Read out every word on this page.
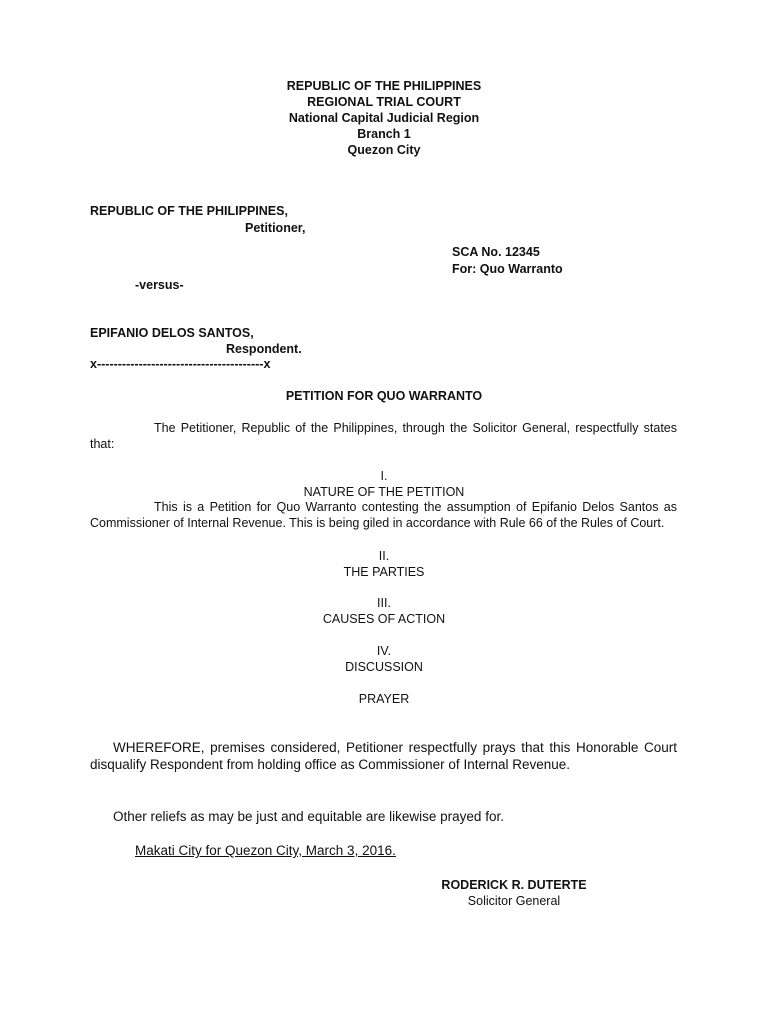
REPUBLIC OF THE PHILIPPINES
REGIONAL TRIAL COURT
National Capital Judicial Region
Branch 1
Quezon City
REPUBLIC OF THE PHILIPPINES,
Petitioner,
SCA No. 12345
For: Quo Warranto
-versus-
EPIFANIO DELOS SANTOS,
Respondent.
x----------------------------------------x
PETITION FOR QUO WARRANTO
The Petitioner, Republic of the Philippines, through the Solicitor General, respectfully states that:
I.
NATURE OF THE PETITION
This is a Petition for Quo Warranto contesting the assumption of Epifanio Delos Santos as Commissioner of Internal Revenue. This is being giled in accordance with Rule 66 of the Rules of Court.
II.
THE PARTIES
III.
CAUSES OF ACTION
IV.
DISCUSSION
PRAYER
WHEREFORE, premises considered, Petitioner respectfully prays that this Honorable Court disqualify Respondent from holding office as Commissioner of Internal Revenue.
Other reliefs as may be just and equitable are likewise prayed for.
Makati City for Quezon City, March 3, 2016.
RODERICK R. DUTERTE
Solicitor General
